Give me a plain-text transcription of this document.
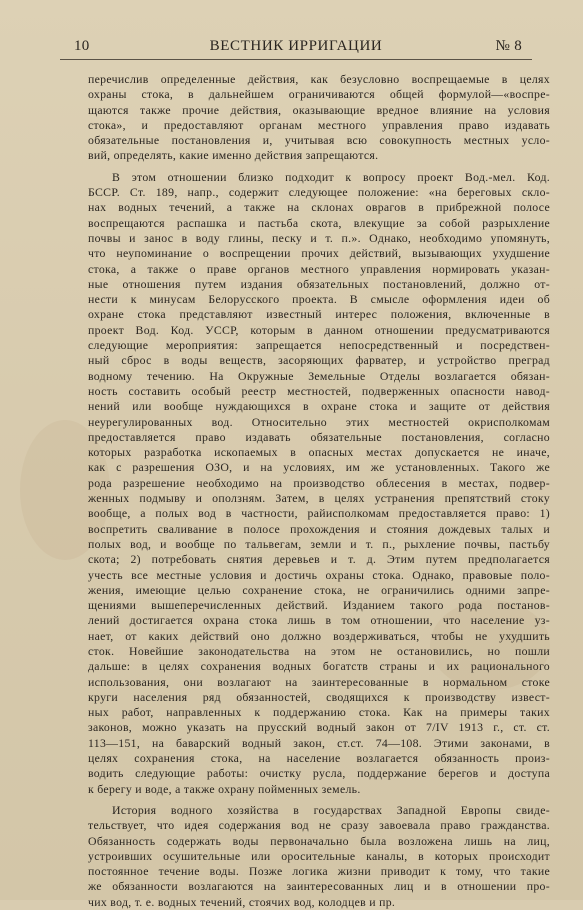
10	ВЕСТНИК ИРРИГАЦИИ	№ 8
перечислив определенные действия, как безусловно воспрещаемые в целях
охраны стока, в дальнейшем ограничиваются общей формулой—«воспре-
щаются также прочие действия, оказывающие вредное влияние на условия
стока», и предоставляют органам местного управления право издавать
обязательные постановления и, учитывая всю совокупность местных усло-
вий, определять, какие именно действия запрещаются.
В этом отношении близко подходит к вопросу проект Вод.-мел. Код.
БССР. Ст. 189, напр., содержит следующее положение: «на береговых скло-
нах водных течений, а также на склонах оврагов в прибрежной полосе
воспрещаются распашка и пастьба скота, влекущие за собой разрыхление
почвы и занос в воду глины, песку и т. п.». Однако, необходимо упомянуть,
что неупоминание о воспрещении прочих действий, вызывающих ухудшение
стока, а также о праве органов местного управления нормировать указан-
ные отношения путем издания обязательных постановлений, должно от-
нести к минусам Белорусского проекта. В смысле оформления идеи об
охране стока представляют известный интерес положения, включенные в
проект Вод. Код. УССР, которым в данном отношении предусматриваются
следующие мероприятия: запрещается непосредственный и посредствен-
ный сброс в воды веществ, засоряющих фарватер, и устройство преград
водному течению. На Окружные Земельные Отделы возлагается обязан-
ность составить особый реестр местностей, подверженных опасности навод-
нений или вообще нуждающихся в охране стока и защите от действия
неурегулированных вод. Относительно этих местностей окрисполкомам
предоставляется право издавать обязательные постановления, согласно
которых разработка ископаемых в опасных местах допускается не иначе,
как с разрешения ОЗО, и на условиях, им же установленных. Такого же
рода разрешение необходимо на производство облесения в местах, подвер-
женных подмыву и оползням. Затем, в целях устранения препятствий стоку
вообще, а полых вод в частности, райисполкомам предоставляется право: 1)
воспретить сваливание в полосе прохождения и стояния дождевых талых и
полых вод, и вообще по тальвегам, земли и т. п., рыхление почвы, пастьбу
скота; 2) потребовать снятия деревьев и т. д. Этим путем предполагается
учесть все местные условия и достичь охраны стока. Однако, правовые поло-
жения, имеющие целью сохранение стока, не ограничились одними запре-
щениями вышеперечисленных действий. Изданием такого рода постанов-
лений достигается охрана стока лишь в том отношении, что население уз-
нает, от каких действий оно должно воздерживаться, чтобы не ухудшить
сток. Новейшие законодательства на этом не остановились, но пошли
дальше: в целях сохранения водных богатств страны и их рационального
использования, они возлагают на заинтересованные в нормальном стоке
круги населения ряд обязанностей, сводящихся к производству извест-
ных работ, направленных к поддержанию стока. Как на примеры таких
законов, можно указать на прусский водный закон от 7/IV 1913 г., ст. ст.
113—151, на баварский водный закон, ст.ст. 74—108. Этими законами, в
целях сохранения стока, на население возлагается обязанность произ-
водить следующие работы: очистку русла, поддержание берегов и доступа
к берегу и воде, а также охрану пойменных земель.
История водного хозяйства в государствах Западной Европы свиде-
тельствует, что идея содержания вод не сразу завоевала право гражданства.
Обязанность содержать воды первоначально была возложена лишь на лиц,
устроивших осушительные или оросительные каналы, в которых происходит
постоянное течение воды. Позже логика жизни приводит к тому, что такие
же обязанности возлагаются на заинтересованных лиц и в отношении про-
чих вод, т. е. водных течений, стоячих вод, колодцев и пр.
